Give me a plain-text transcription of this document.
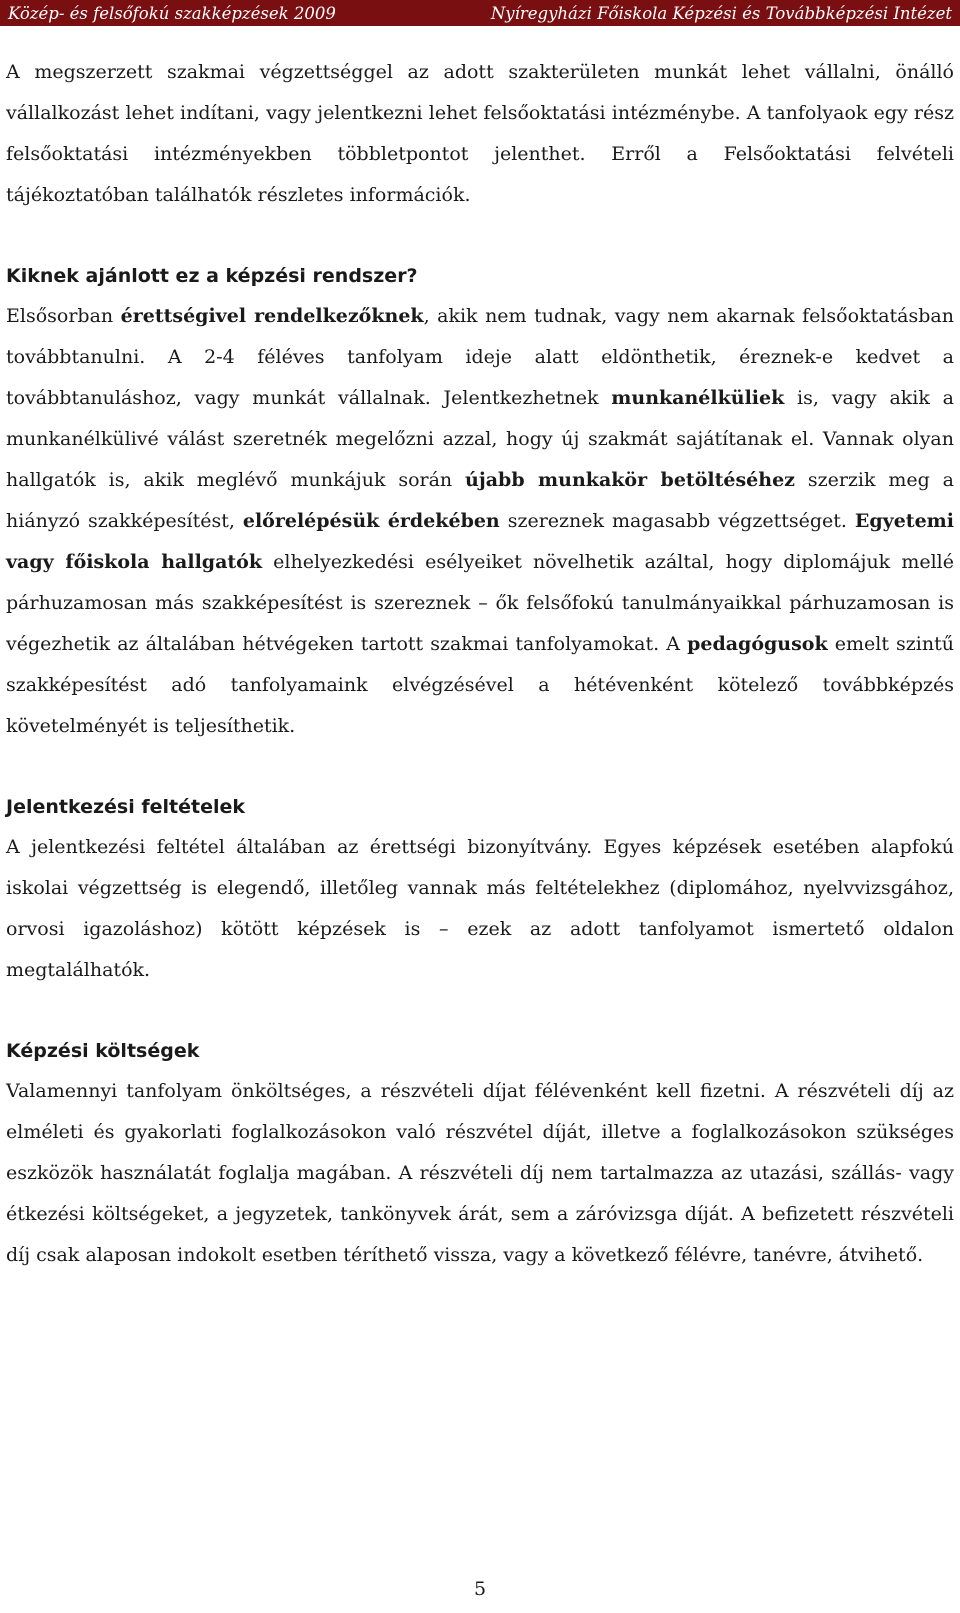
Közép- és felsőfokú szakképzések 2009	Nyíregyházi Főiskola Képzési és Továbbképzési Intézet

A megszerzett szakmai végzettséggel az adott szakterületen munkát lehet vállalni, önálló vállalkozást lehet indítani, vagy jelentkezni lehet felsőoktatási intézménybe. A tanfolyaok egy rész felsőoktatási intézményekben többletpontot jelenthet. Erről a Felsőoktatási felvételi tájékoztatóban találhatók részletes információk.

Kiknek ajánlott ez a képzési rendszer?

Elsősorban érettségivel rendelkezőknek, akik nem tudnak, vagy nem akarnak felsőoktatásban továbbtanulni. A 2-4 féléves tanfolyam ideje alatt eldönthetik, éreznek-e kedvet a továbbtanuláshoz, vagy munkát vállalnak. Jelentkezhetnek munkanélküliek is, vagy akik a munkanélkülivé válást szeretnék megelőzni azzal, hogy új szakmát sajátítanak el. Vannak olyan hallgatók is, akik meglévő munkájuk során újabb munkakör betöltéséhez szerzik meg a hiányzó szakképesítést, előrelépésük érdekében szereznek magasabb végzettséget. Egyetemi vagy főiskola hallgatók elhelyezkedési esélyeiket növelhetik azáltal, hogy diplomájuk mellé párhuzamosan más szakképesítést is szereznek – ők felsőfokú tanulmányaikkal párhuzamosan is végezhetik az általában hétvégeken tartott szakmai tanfolyamokat. A pedagógusok emelt szintű szakképesítést adó tanfolyamaink elvégzésével a hétévenként kötelező továbbképzés követelményét is teljesíthetik.

Jelentkezési feltételek

A jelentkezési feltétel általában az érettségi bizonyítvány. Egyes képzések esetében alapfokú iskolai végzettség is elegendő, illetőleg vannak más feltételekhez (diplomához, nyelvvizsgához, orvosi igazoláshoz) kötött képzések is – ezek az adott tanfolyamot ismertető oldalon megtalálhatók.

Képzési költségek

Valamennyi tanfolyam önköltséges, a részvételi díjat félévenként kell fizetni. A részvételi díj az elméleti és gyakorlati foglalkozásokon való részvétel díját, illetve a foglalkozásokon szükséges eszközök használatát foglalja magában. A részvételi díj nem tartalmazza az utazási, szállás- vagy étkezési költségeket, a jegyzetek, tankönyvek árát, sem a záróvizsga díját. A befizetett részvételi díj csak alaposan indokolt esetben téríthető vissza, vagy a következő félévre, tanévre, átvihető.

5
